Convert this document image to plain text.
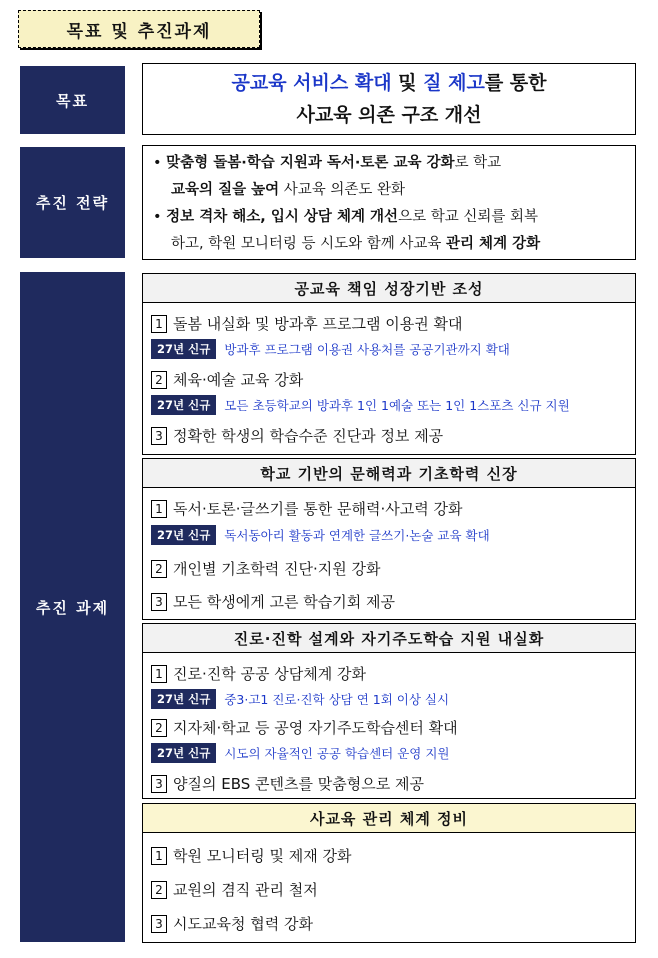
목표 및 추진과제
목표
추진 전략
추진 과제
공교육 서비스 확대 및 질 제고를 통한
사교육 의존 구조 개선
• 맞춤형 돌봄·학습 지원과 독서·토론 교육 강화로 학교
교육의 질을 높여 사교육 의존도 완화
• 정보 격차 해소, 입시 상담 체계 개선으로 학교 신뢰를 회복
하고, 학원 모니터링 등 시도와 함께 사교육 관리 체계 강화
공교육 책임 성장기반 조성
1 돌봄 내실화 및 방과후 프로그램 이용권 확대
27년 신규	방과후 프로그램 이용권 사용처를 공공기관까지 확대
2 체육·예술 교육 강화
27년 신규	모든 초등학교의 방과후 1인 1예술 또는 1인 1스포츠 신규 지원
3 정확한 학생의 학습수준 진단과 정보 제공
학교 기반의 문해력과 기초학력 신장
1 독서·토론·글쓰기를 통한 문해력·사고력 강화
27년 신규	독서동아리 활동과 연계한 글쓰기·논술 교육 확대
2 개인별 기초학력 진단·지원 강화
3 모든 학생에게 고른 학습기회 제공
진로·진학 설계와 자기주도학습 지원 내실화
1 진로·진학 공공 상담체계 강화
27년 신규	중3·고1 진로·진학 상담 연 1회 이상 실시
2 지자체·학교 등 공영 자기주도학습센터 확대
27년 신규	시도의 자율적인 공공 학습센터 운영 지원
3 양질의 EBS 콘텐츠를 맞춤형으로 제공
사교육 관리 체계 정비
1 학원 모니터링 및 제재 강화
2 교원의 겸직 관리 철저
3 시도교육청 협력 강화
